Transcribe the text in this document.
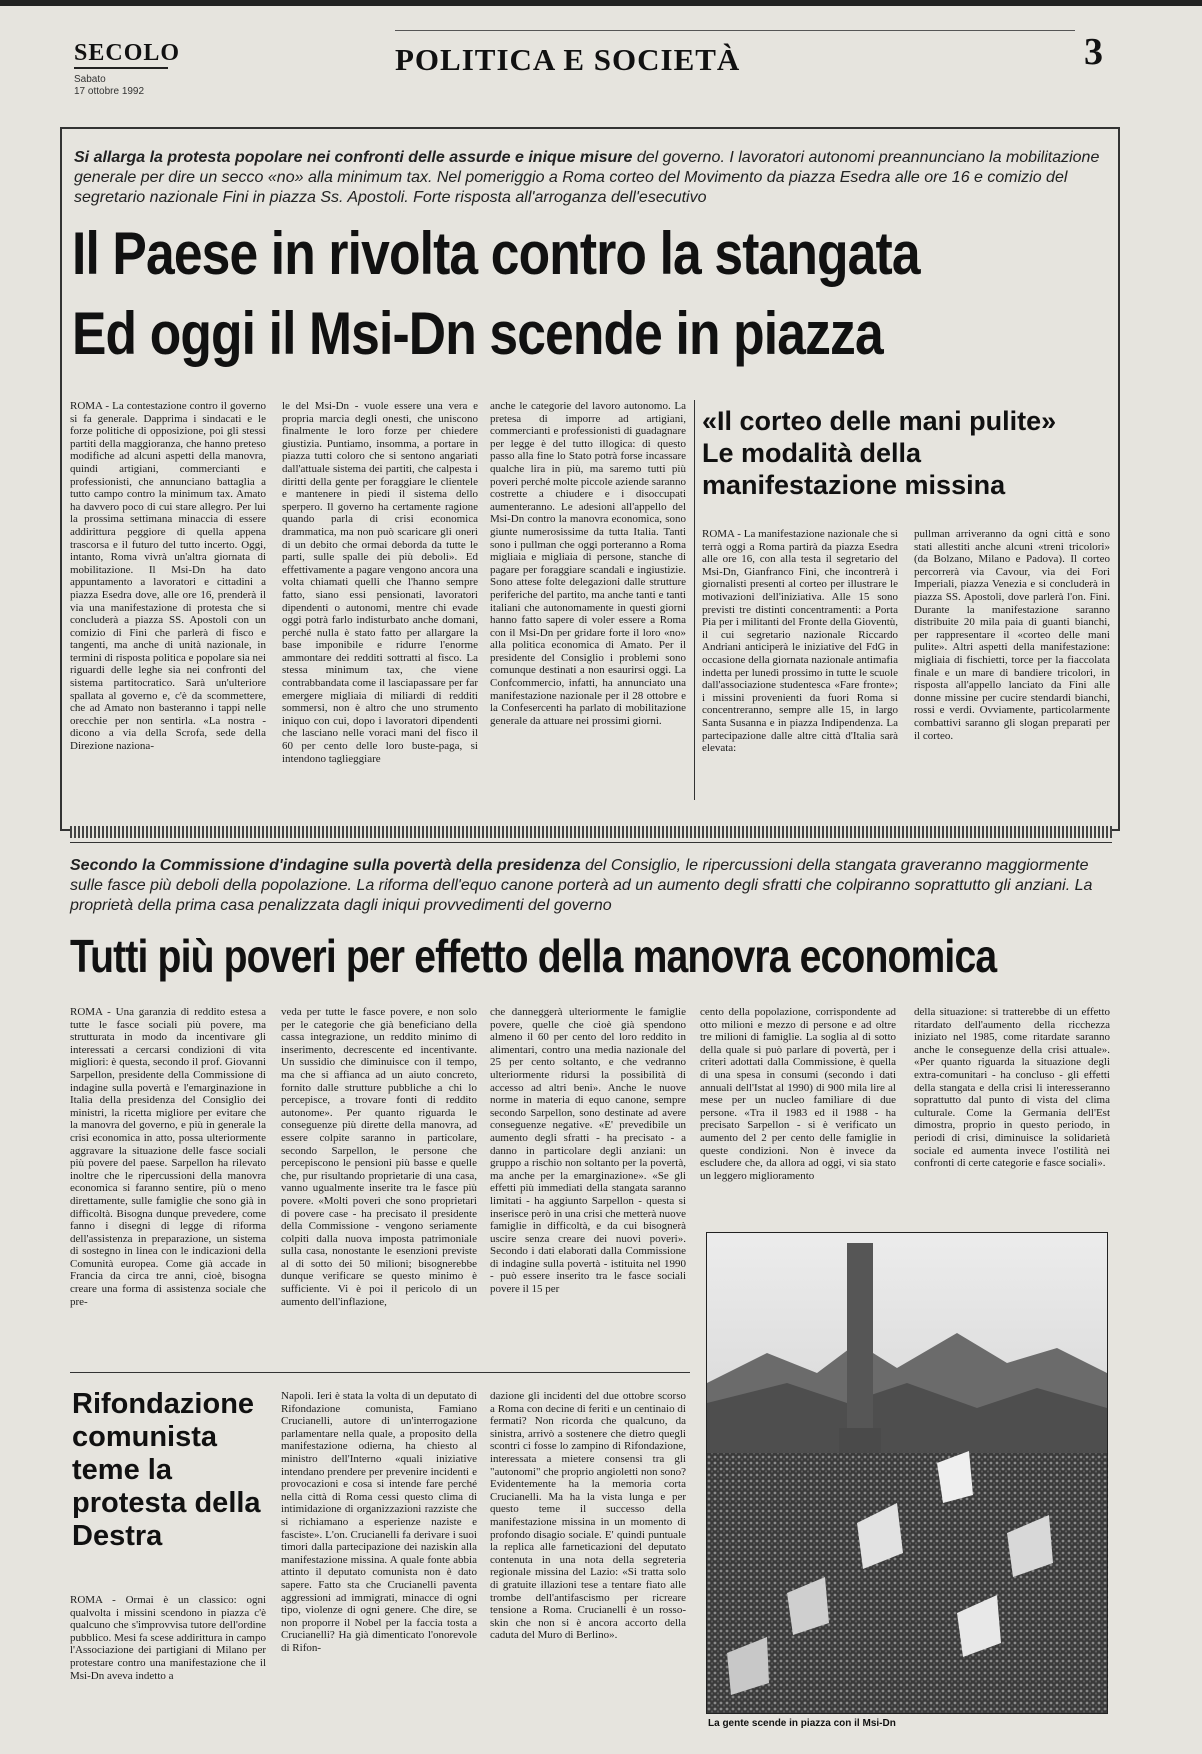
SECOLO
Sabato
17 ottobre 1992
POLITICA E SOCIETÀ	3
Si allarga la protesta popolare nei confronti delle assurde e inique misure del governo. I lavoratori autonomi preannunciano la mobilitazione generale per dire un secco «no» alla minimum tax. Nel pomeriggio a Roma corteo del Movimento da piazza Esedra alle ore 16 e comizio del segretario nazionale Fini in piazza Ss. Apostoli. Forte risposta all'arroganza dell'esecutivo
Il Paese in rivolta contro la stangata
Ed oggi il Msi-Dn scende in piazza

ROMA - La contestazione contro il governo si fa generale. Dapprima i sindacati e le forze politiche di opposizione, poi gli stessi partiti della maggioranza, che hanno preteso modifiche ad alcuni aspetti della manovra, quindi artigiani, commercianti e professionisti, che annunciano battaglia a tutto campo contro la minimum tax. Amato ha davvero poco di cui stare allegro. Per lui la prossima settimana minaccia di essere addirittura peggiore di quella appena trascorsa e il futuro del tutto incerto. Oggi, intanto, Roma vivrà un'altra giornata di mobilitazione. Il Msi-Dn ha dato appuntamento a lavoratori e cittadini a piazza Esedra dove, alle ore 16, prenderà il via una manifestazione di protesta che si concluderà a piazza SS. Apostoli con un comizio di Fini che parlerà di fisco e tangenti, ma anche di unità nazionale, in termini di risposta politica e popolare sia nei riguardi delle leghe sia nei confronti del sistema partitocratico. Sarà un'ulteriore spallata al governo e, c'è da scommettere, che ad Amato non basteranno i tappi nelle orecchie per non sentirla. «La nostra - dicono a via della Scrofa, sede della Direzione naziona-

le del Msi-Dn - vuole essere una vera e propria marcia degli onesti, che uniscono finalmente le loro forze per chiedere giustizia. Puntiamo, insomma, a portare in piazza tutti coloro che si sentono angariati dall'attuale sistema dei partiti, che calpesta i diritti della gente per foraggiare le clientele e mantenere in piedi il sistema dello sperpero. Il governo ha certamente ragione quando parla di crisi economica drammatica, ma non può scaricare gli oneri di un debito che ormai deborda da tutte le parti, sulle spalle dei più deboli». Ed effettivamente a pagare vengono ancora una volta chiamati quelli che l'hanno sempre fatto, siano essi pensionati, lavoratori dipendenti o autonomi, mentre chi evade oggi potrà farlo indisturbato anche domani, perché nulla è stato fatto per allargare la base imponibile e ridurre l'enorme ammontare dei redditi sottratti al fisco. La stessa minimum tax, che viene contrabbandata come il lasciapassare per far emergere migliaia di miliardi di redditi sommersi, non è altro che uno strumento iniquo con cui, dopo i lavoratori dipendenti che lasciano nelle voraci mani del fisco il 60 per cento delle loro buste-paga, si intendono taglieggiare

anche le categorie del lavoro autonomo. La pretesa di imporre ad artigiani, commercianti e professionisti di guadagnare per legge è del tutto illogica: di questo passo alla fine lo Stato potrà forse incassare qualche lira in più, ma saremo tutti più poveri perché molte piccole aziende saranno costrette a chiudere e i disoccupati aumenteranno. Le adesioni all'appello del Msi-Dn contro la manovra economica, sono giunte numerosissime da tutta Italia. Tanti sono i pullman che oggi porteranno a Roma migliaia e migliaia di persone, stanche di pagare per foraggiare scandali e ingiustizie. Sono attese folte delegazioni dalle strutture periferiche del partito, ma anche tanti e tanti italiani che autonomamente in questi giorni hanno fatto sapere di voler essere a Roma con il Msi-Dn per gridare forte il loro «no» alla politica economica di Amato. Per il presidente del Consiglio i problemi sono comunque destinati a non esaurirsi oggi. La Confcommercio, infatti, ha annunciato una manifestazione nazionale per il 28 ottobre e la Confesercenti ha parlato di mobilitazione generale da attuare nei prossimi giorni.

«Il corteo delle mani pulite»
Le modalità della
manifestazione missina

ROMA - La manifestazione nazionale che si terrà oggi a Roma partirà da piazza Esedra alle ore 16, con alla testa il segretario del Msi-Dn, Gianfranco Fini, che incontrerà i giornalisti presenti al corteo per illustrare le motivazioni dell'iniziativa. Alle 15 sono previsti tre distinti concentramenti: a Porta Pia per i militanti del Fronte della Gioventù, il cui segretario nazionale Riccardo Andriani anticiperà le iniziative del FdG in occasione della giornata nazionale antimafia indetta per lunedì prossimo in tutte le scuole dall'associazione studentesca «Fare fronte»; i missini provenienti da fuori Roma si concentreranno, sempre alle 15, in largo Santa Susanna e in piazza Indipendenza. La partecipazione dalle altre città d'Italia sarà elevata:

pullman arriveranno da ogni città e sono stati allestiti anche alcuni «treni tricolori» (da Bolzano, Milano e Padova). Il corteo percorrerà via Cavour, via dei Fori Imperiali, piazza Venezia e si concluderà in piazza SS. Apostoli, dove parlerà l'on. Fini. Durante la manifestazione saranno distribuite 20 mila paia di guanti bianchi, per rappresentare il «corteo delle mani pulite». Altri aspetti della manifestazione: migliaia di fischietti, torce per la fiaccolata finale e un mare di bandiere tricolori, in risposta all'appello lanciato da Fini alle donne missine per cucire stendardi bianchi, rossi e verdi. Ovviamente, particolarmente combattivi saranno gli slogan preparati per il corteo.

Secondo la Commissione d'indagine sulla povertà della presidenza del Consiglio, le ripercussioni della stangata graveranno maggiormente sulle fasce più deboli della popolazione. La riforma dell'equo canone porterà ad un aumento degli sfratti che colpiranno soprattutto gli anziani. La proprietà della prima casa penalizzata dagli iniqui provvedimenti del governo
Tutti più poveri per effetto della manovra economica

ROMA - Una garanzia di reddito estesa a tutte le fasce sociali più povere, ma strutturata in modo da incentivare gli interessati a cercarsi condizioni di vita migliori: è questa, secondo il prof. Giovanni Sarpellon, presidente della Commissione di indagine sulla povertà e l'emarginazione in Italia della presidenza del Consiglio dei ministri, la ricetta migliore per evitare che la manovra del governo, e più in generale la crisi economica in atto, possa ulteriormente aggravare la situazione delle fasce sociali più povere del paese. Sarpellon ha rilevato inoltre che le ripercussioni della manovra economica si faranno sentire, più o meno direttamente, sulle famiglie che sono già in difficoltà. Bisogna dunque prevedere, come fanno i disegni di legge di riforma dell'assistenza in preparazione, un sistema di sostegno in linea con le indicazioni della Comunità europea. Come già accade in Francia da circa tre anni, cioè, bisogna creare una forma di assistenza sociale che pre-

veda per tutte le fasce povere, e non solo per le categorie che già beneficiano della cassa integrazione, un reddito minimo di inserimento, decrescente ed incentivante. Un sussidio che diminuisce con il tempo, ma che si affianca ad un aiuto concreto, fornito dalle strutture pubbliche a chi lo percepisce, a trovare fonti di reddito autonome». Per quanto riguarda le conseguenze più dirette della manovra, ad essere colpite saranno in particolare, secondo Sarpellon, le persone che percepiscono le pensioni più basse e quelle che, pur risultando proprietarie di una casa, vanno ugualmente inserite tra le fasce più povere. «Molti poveri che sono proprietari di povere case - ha precisato il presidente della Commissione - vengono seriamente colpiti dalla nuova imposta patrimoniale sulla casa, nonostante le esenzioni previste al di sotto dei 50 milioni; bisognerebbe dunque verificare se questo minimo è sufficiente. Vi è poi il pericolo di un aumento dell'inflazione,

che danneggerà ulteriormente le famiglie povere, quelle che cioè già spendono almeno il 60 per cento del loro reddito in alimentari, contro una media nazionale del 25 per cento soltanto, e che vedranno ulteriormente ridursi la possibilità di accesso ad altri beni». Anche le nuove norme in materia di equo canone, sempre secondo Sarpellon, sono destinate ad avere conseguenze negative. «E' prevedibile un aumento degli sfratti - ha precisato - a danno in particolare degli anziani: un gruppo a rischio non soltanto per la povertà, ma anche per la emarginazione». «Se gli effetti più immediati della stangata saranno limitati - ha aggiunto Sarpellon - questa si inserisce però in una crisi che metterà nuove famiglie in difficoltà, e da cui bisognerà uscire senza creare dei nuovi poveri». Secondo i dati elaborati dalla Commissione di indagine sulla povertà - istituita nel 1990 - può essere inserito tra le fasce sociali povere il 15 per

cento della popolazione, corrispondente ad otto milioni e mezzo di persone e ad oltre tre milioni di famiglie. La soglia al di sotto della quale si può parlare di povertà, per i criteri adottati dalla Commissione, è quella di una spesa in consumi (secondo i dati annuali dell'Istat al 1990) di 900 mila lire al mese per un nucleo familiare di due persone. «Tra il 1983 ed il 1988 - ha precisato Sarpellon - si è verificato un aumento del 2 per cento delle famiglie in queste condizioni. Non è invece da escludere che, da allora ad oggi, vi sia stato un leggero miglioramento

della situazione: si tratterebbe di un effetto ritardato dell'aumento della ricchezza iniziato nel 1985, come ritardate saranno anche le conseguenze della crisi attuale». «Per quanto riguarda la situazione degli extra-comunitari - ha concluso - gli effetti della stangata e della crisi li interesseranno soprattutto dal punto di vista del clima culturale. Come la Germania dell'Est dimostra, proprio in questo periodo, in periodi di crisi, diminuisce la solidarietà sociale ed aumenta invece l'ostilità nei confronti di certe categorie e fasce sociali».

Rifondazione comunista teme la protesta della Destra

ROMA - Ormai è un classico: ogni qualvolta i missini scendono in piazza c'è qualcuno che s'improvvisa tutore dell'ordine pubblico. Mesi fa scese addirittura in campo l'Associazione dei partigiani di Milano per protestare contro una manifestazione che il Msi-Dn aveva indetto a

Napoli. Ieri è stata la volta di un deputato di Rifondazione comunista, Famiano Crucianelli, autore di un'interrogazione parlamentare nella quale, a proposito della manifestazione odierna, ha chiesto al ministro dell'Interno «quali iniziative intendano prendere per prevenire incidenti e provocazioni e cosa si intende fare perché nella città di Roma cessi questo clima di intimidazione di organizzazioni razziste che si richiamano a esperienze naziste e fasciste». L'on. Crucianelli fa derivare i suoi timori dalla partecipazione dei naziskin alla manifestazione missina. A quale fonte abbia attinto il deputato comunista non è dato sapere. Fatto sta che Crucianelli paventa aggressioni ad immigrati, minacce di ogni tipo, violenze di ogni genere. Che dire, se non proporre il Nobel per la faccia tosta a Crucianelli? Ha già dimenticato l'onorevole di Rifon-

dazione gli incidenti del due ottobre scorso a Roma con decine di feriti e un centinaio di fermati? Non ricorda che qualcuno, da sinistra, arrivò a sostenere che dietro quegli scontri ci fosse lo zampino di Rifondazione, interessata a mietere consensi tra gli "autonomi" che proprio angioletti non sono? Evidentemente ha la memoria corta Crucianelli. Ma ha la vista lunga e per questo teme il successo della manifestazione missina in un momento di profondo disagio sociale. E' quindi puntuale la replica alle farneticazioni del deputato contenuta in una nota della segreteria regionale missina del Lazio: «Si tratta solo di gratuite illazioni tese a tentare fiato alle trombe dell'antifascismo per ricreare tensione a Roma. Crucianelli è un rosso-skin che non si è ancora accorto della caduta del Muro di Berlino».

La gente scende in piazza con il Msi-Dn
